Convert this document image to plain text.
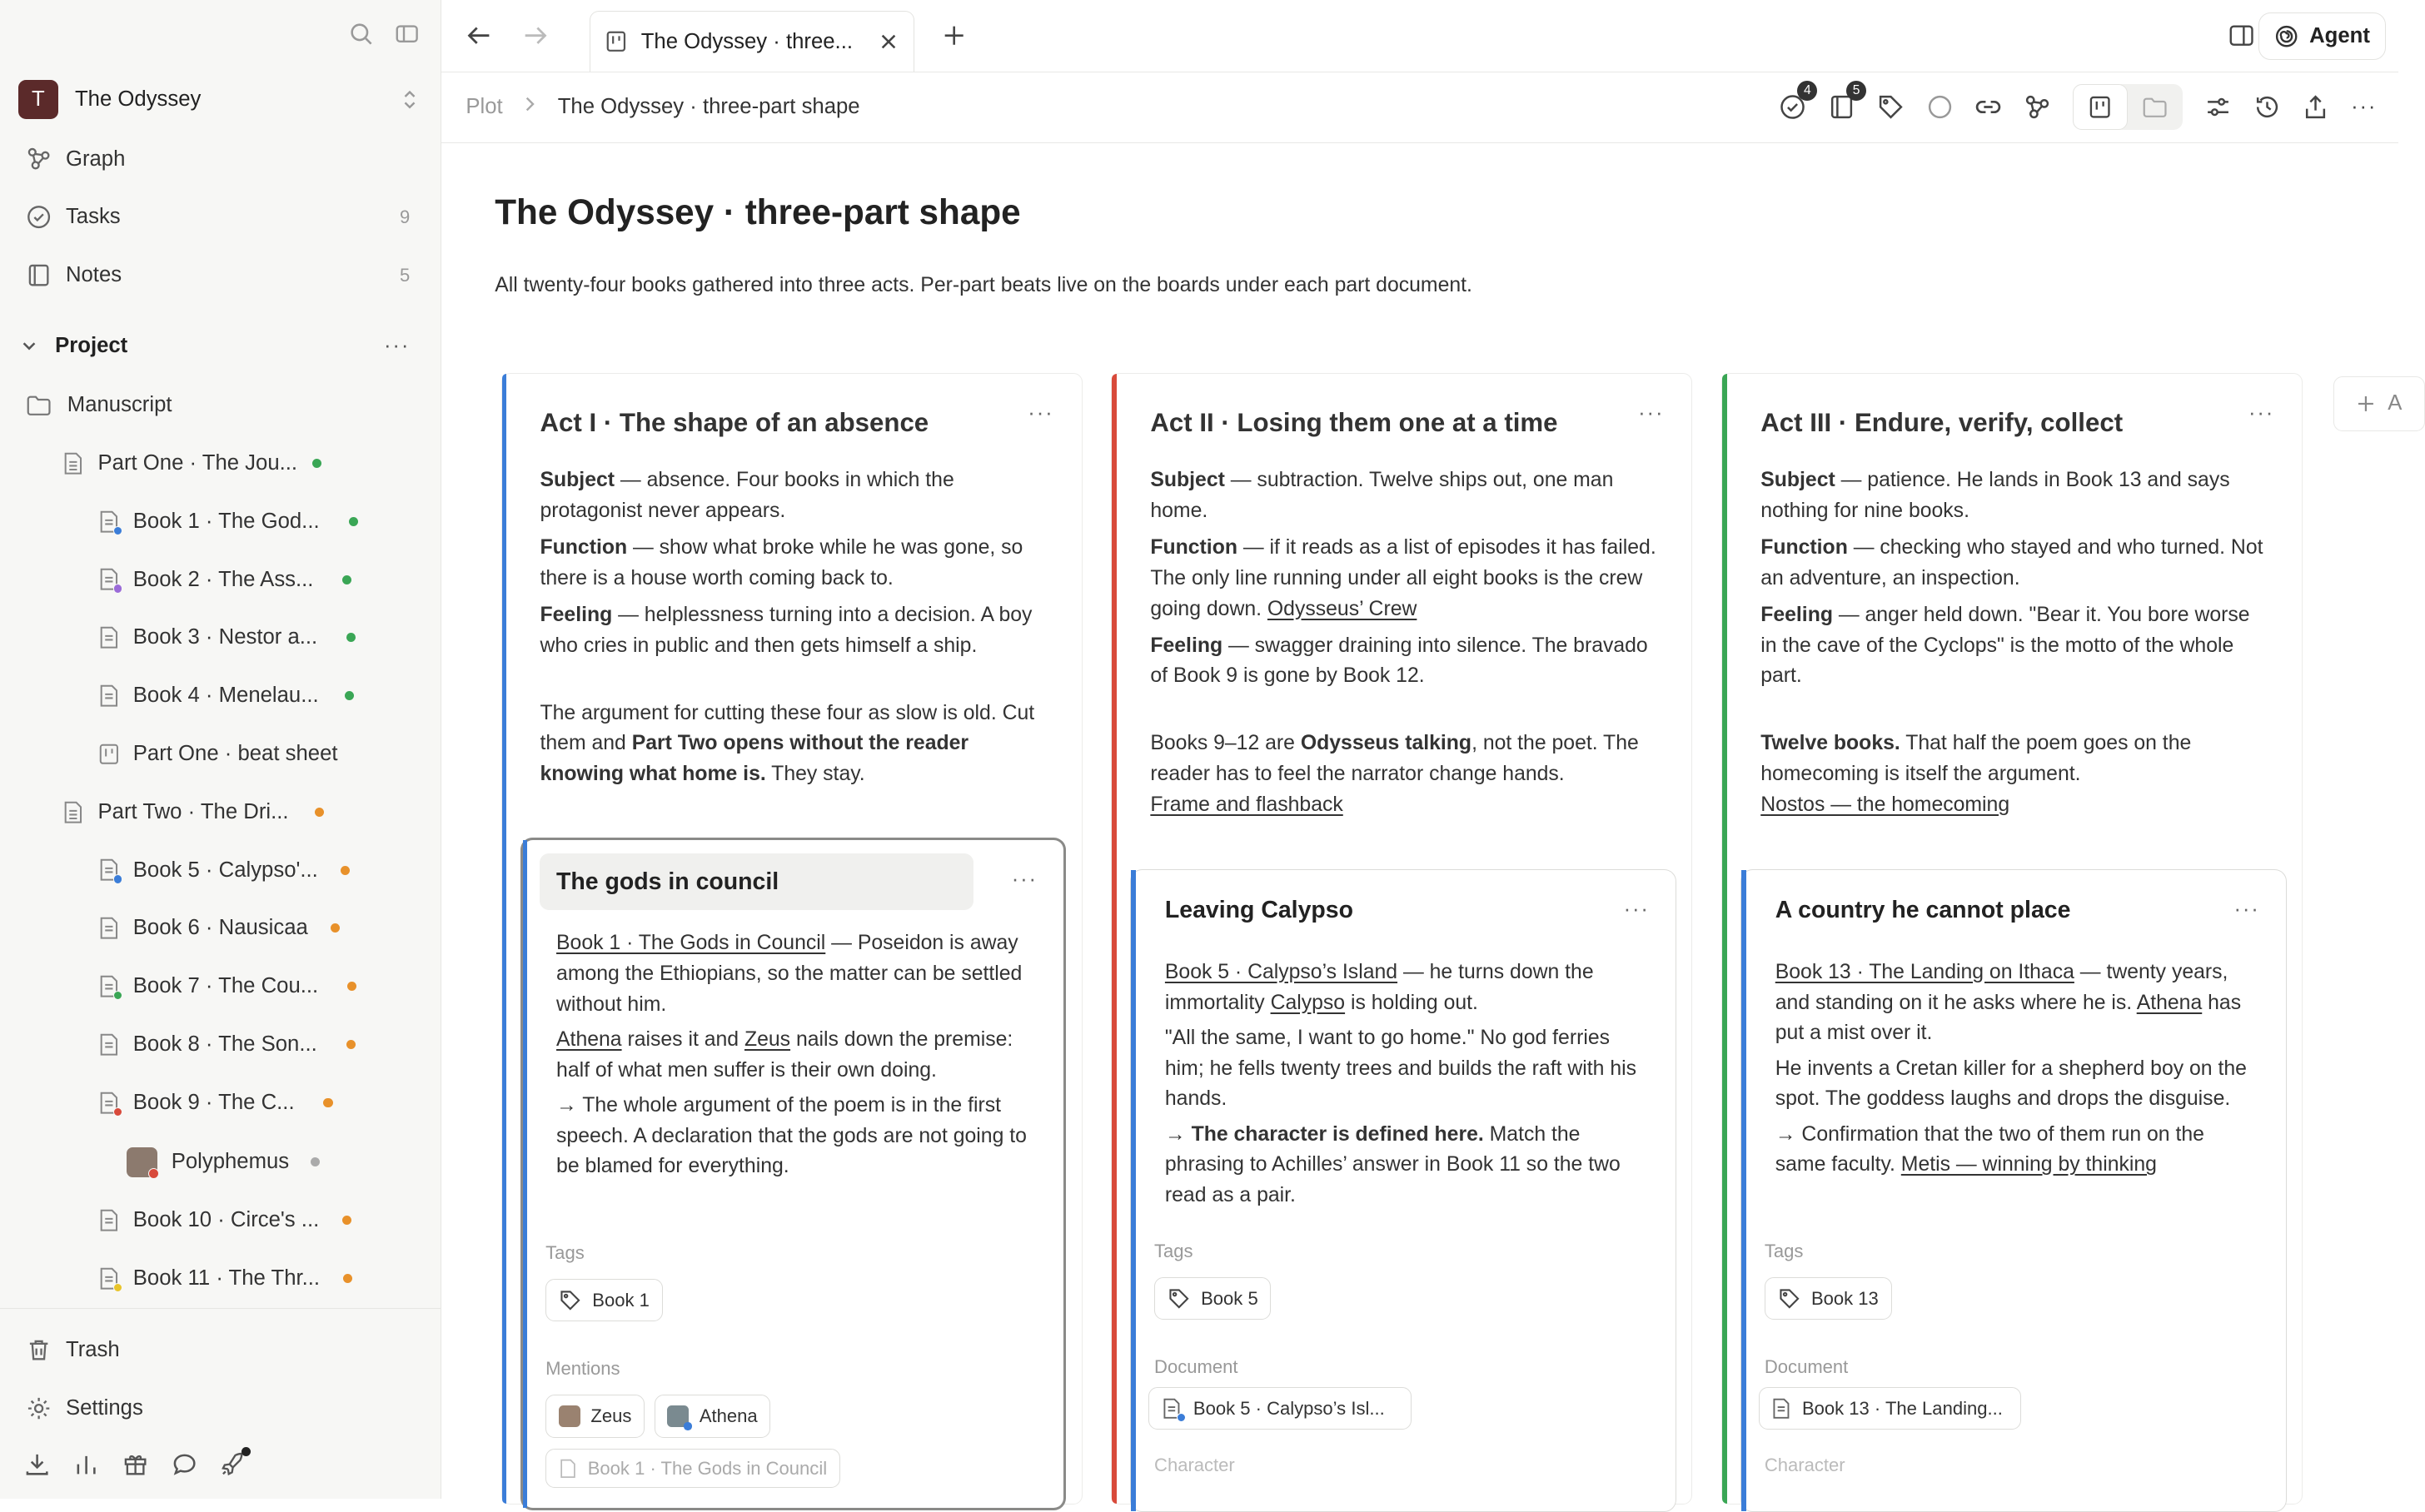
T	The Odyssey
Graph
Tasks	9
Notes	5
Project	···
Manuscript
Part One · The Jou...
Book 1 · The God...
Book 2 · The Ass...
Book 3 · Nestor a...
Book 4 · Menelau...
Part One · beat sheet
Part Two · The Dri...
Book 5 · Calypso'...
Book 6 · Nausicaa
Book 7 · The Cou...
Book 8 · The Son...
Book 9 · The C...
Polyphemus
Book 10 · Circe's ...
Book 11 · The Thr...
Trash
Settings
The Odyssey · three...	Agent
Plot	The Odyssey · three-part shape
4	5
···
The Odyssey · three-part shape
All twenty-four books gathered into three acts. Per-part beats live on the boards under each part document.
Act I · The shape of an absence	···

Subject — absence. Four books in which the protagonist never appears.

Function — show what broke while he was gone, so there is a house worth coming back to.

Feeling — helplessness turning into a decision. A boy who cries in public and then gets himself a ship.

The argument for cutting these four as slow is old. Cut them and Part Two opens without the reader knowing what home is. They stay.

The gods in council	···

Book 1 · The Gods in Council — Poseidon is away among the Ethiopians, so the matter can be settled without him.

Athena raises it and Zeus nails down the premise: half of what men suffer is their own doing.

→ The whole argument of the poem is in the first speech. A declaration that the gods are not going to be blamed for everything.

Tags
Book 1
Mentions
Zeus	Athena
Book 1 · The Gods in Council
Act II · Losing them one at a time	···

Subject — subtraction. Twelve ships out, one man home.

Function — if it reads as a list of episodes it has failed. The only line running under all eight books is the crew going down. Odysseus’ Crew

Feeling — swagger draining into silence. The bravado of Book 9 is gone by Book 12.

Books 9–12 are Odysseus talking, not the poet. The reader has to feel the narrator change hands.
Frame and flashback

Leaving Calypso	···

Book 5 · Calypso’s Island — he turns down the immortality Calypso is holding out.

"All the same, I want to go home." No god ferries him; he fells twenty trees and builds the raft with his hands.

→ The character is defined here. Match the phrasing to Achilles’ answer in Book 11 so the two read as a pair.

Tags
Book 5
Document
Book 5 · Calypso’s Isl...
Character
Act III · Endure, verify, collect	···

Subject — patience. He lands in Book 13 and says nothing for nine books.

Function — checking who stayed and who turned. Not an adventure, an inspection.

Feeling — anger held down. "Bear it. You bore worse in the cave of the Cyclops" is the motto of the whole part.

Twelve books. That half the poem goes on the homecoming is itself the argument.
Nostos — the homecoming

A country he cannot place	···

Book 13 · The Landing on Ithaca — twenty years, and standing on it he asks where he is. Athena has put a mist over it.

He invents a Cretan killer for a shepherd boy on the spot. The goddess laughs and drops the disguise.

→ Confirmation that the two of them run on the same faculty. Metis — winning by thinking

Tags
Book 13
Document
Book 13 · The Landing...
Character
A
